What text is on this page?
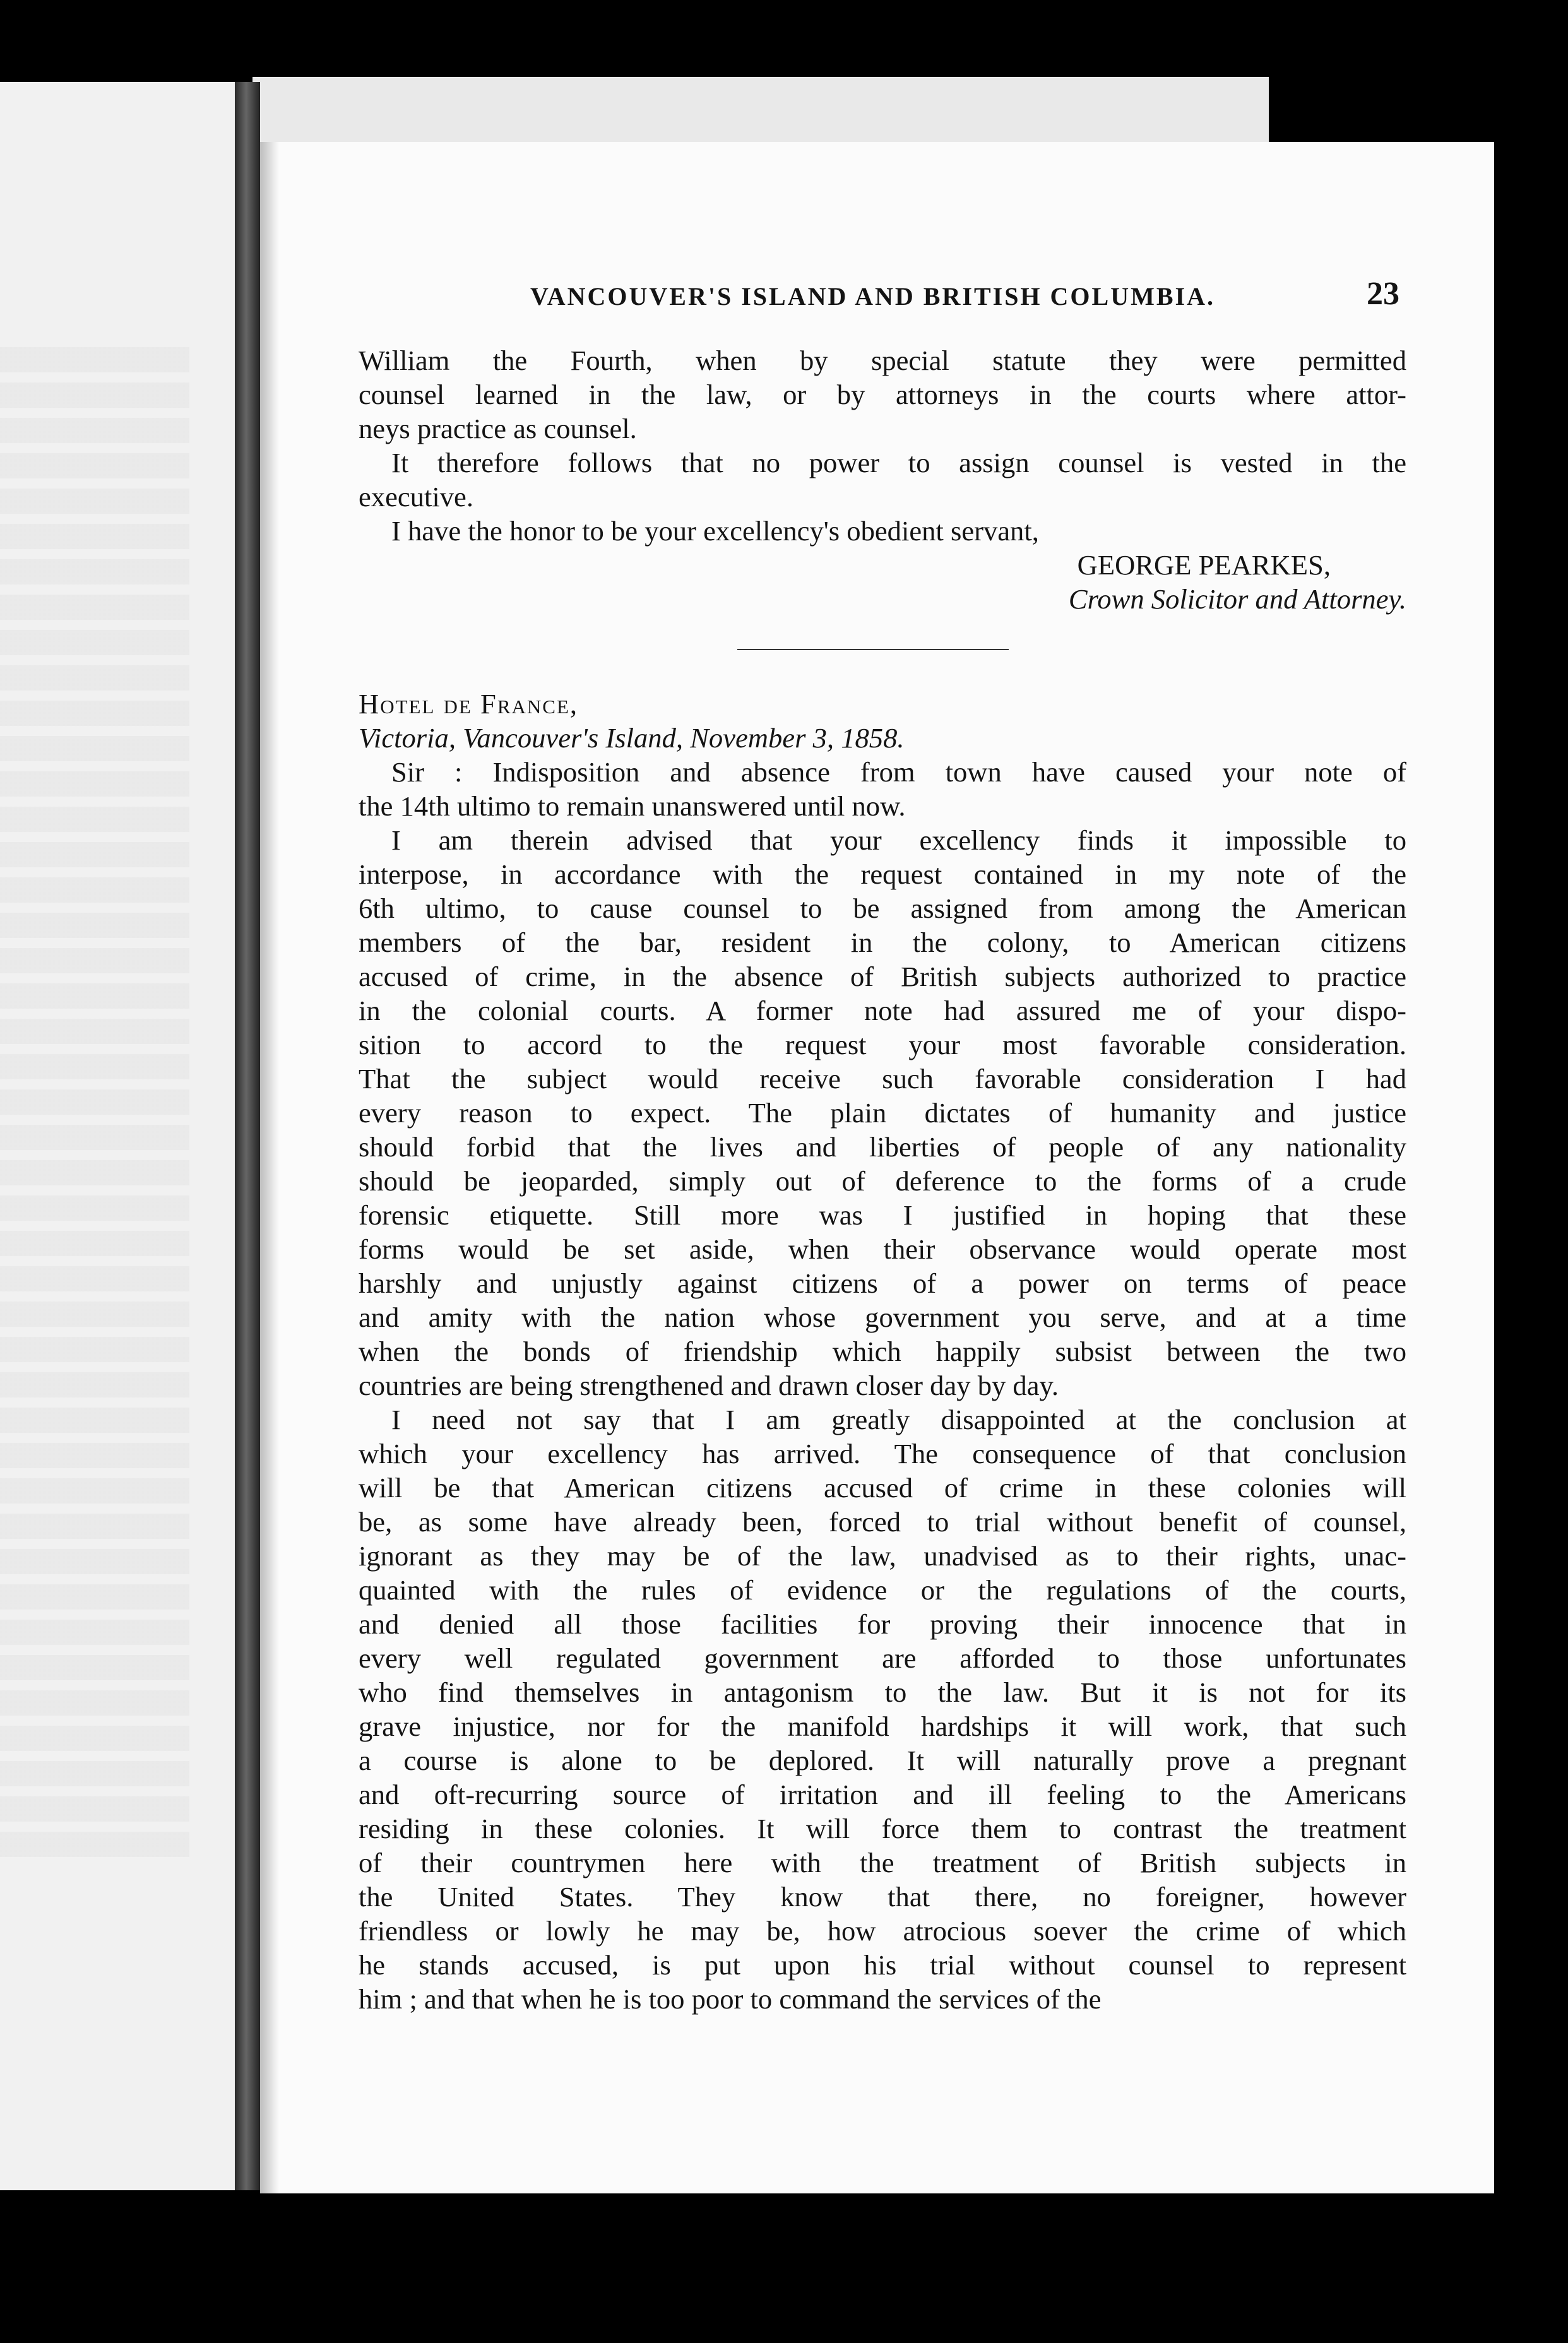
VANCOUVER'S ISLAND AND BRITISH COLUMBIA.	23
William the Fourth, when by special statute they were permitted
counsel learned in the law, or by attorneys in the courts where attor-
neys practice as counsel.
It therefore follows that no power to assign counsel is vested in the
executive.
I have the honor to be your excellency's obedient servant,

GEORGE PEARKES,

Crown Solicitor and Attorney.

Hotel de France,

Victoria, Vancouver's Island, November 3, 1858.

Sir : Indisposition and absence from town have caused your note of
the 14th ultimo to remain unanswered until now.
I am therein advised that your excellency finds it impossible to
interpose, in accordance with the request contained in my note of the
6th ultimo, to cause counsel to be assigned from among the American
members of the bar, resident in the colony, to American citizens
accused of crime, in the absence of British subjects authorized to practice
in the colonial courts. A former note had assured me of your dispo-
sition to accord to the request your most favorable consideration.
That the subject would receive such favorable consideration I had
every reason to expect. The plain dictates of humanity and justice
should forbid that the lives and liberties of people of any nationality
should be jeoparded, simply out of deference to the forms of a crude
forensic etiquette. Still more was I justified in hoping that these
forms would be set aside, when their observance would operate most
harshly and unjustly against citizens of a power on terms of peace
and amity with the nation whose government you serve, and at a time
when the bonds of friendship which happily subsist between the two
countries are being strengthened and drawn closer day by day.
I need not say that I am greatly disappointed at the conclusion at
which your excellency has arrived. The consequence of that conclusion
will be that American citizens accused of crime in these colonies will
be, as some have already been, forced to trial without benefit of counsel,
ignorant as they may be of the law, unadvised as to their rights, unac-
quainted with the rules of evidence or the regulations of the courts,
and denied all those facilities for proving their innocence that in
every well regulated government are afforded to those unfortunates
who find themselves in antagonism to the law. But it is not for its
grave injustice, nor for the manifold hardships it will work, that such
a course is alone to be deplored. It will naturally prove a pregnant
and oft-recurring source of irritation and ill feeling to the Americans
residing in these colonies. It will force them to contrast the treatment
of their countrymen here with the treatment of British subjects in
the United States. They know that there, no foreigner, however
friendless or lowly he may be, how atrocious soever the crime of which
he stands accused, is put upon his trial without counsel to represent
him ; and that when he is too poor to command the services of the
